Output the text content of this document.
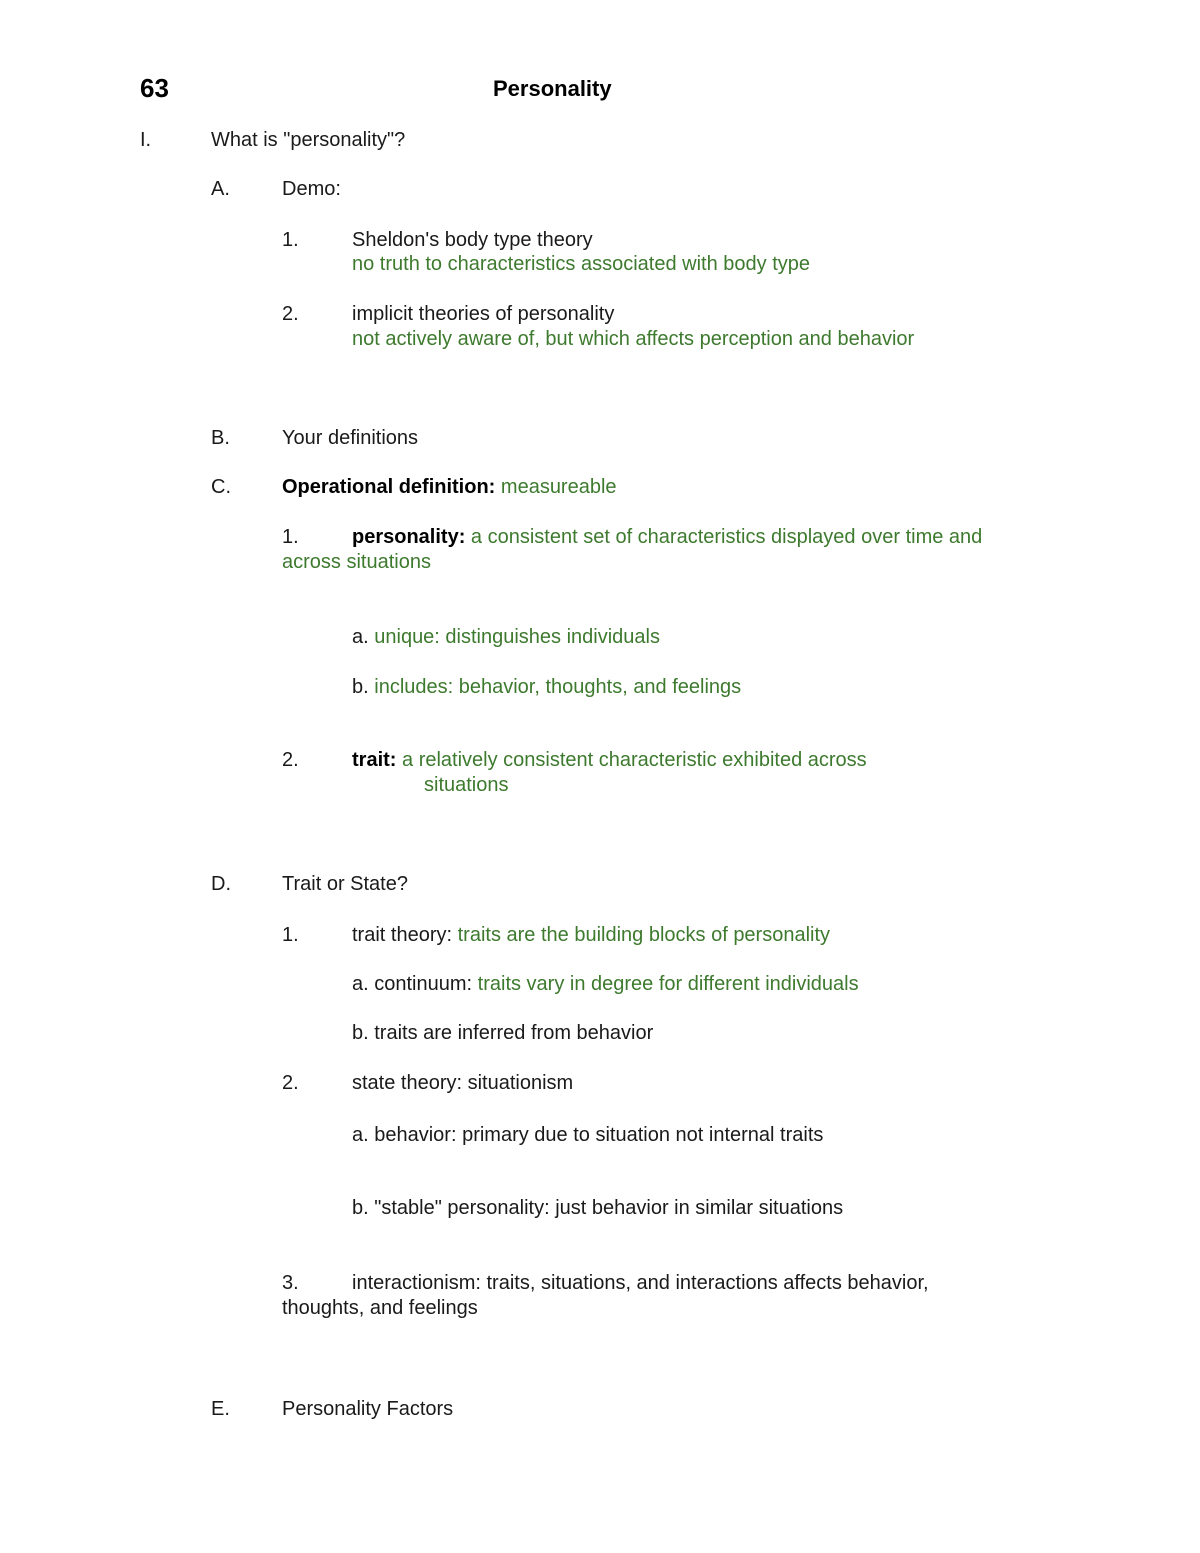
63	Personality
I.	What is "personality"?
A.	Demo:
1.	Sheldon's body type theory
no truth to characteristics associated with body type
2.	implicit theories of personality
not actively aware of, but which affects perception and behavior
B.	Your definitions
C.	Operational definition: measureable
1.	personality: a consistent set of characteristics displayed over time and
across situations
a. unique: distinguishes individuals
b. includes: behavior, thoughts, and feelings
2.	trait: a relatively consistent characteristic exhibited across
situations
D.	Trait or State?
1.	trait theory: traits are the building blocks of personality
a. continuum: traits vary in degree for different individuals
b. traits are inferred from behavior
2.	state theory: situationism
a. behavior: primary due to situation not internal traits
b. "stable" personality: just behavior in similar situations
3.	interactionism: traits, situations, and interactions affects behavior,
thoughts, and feelings
E.	Personality Factors
